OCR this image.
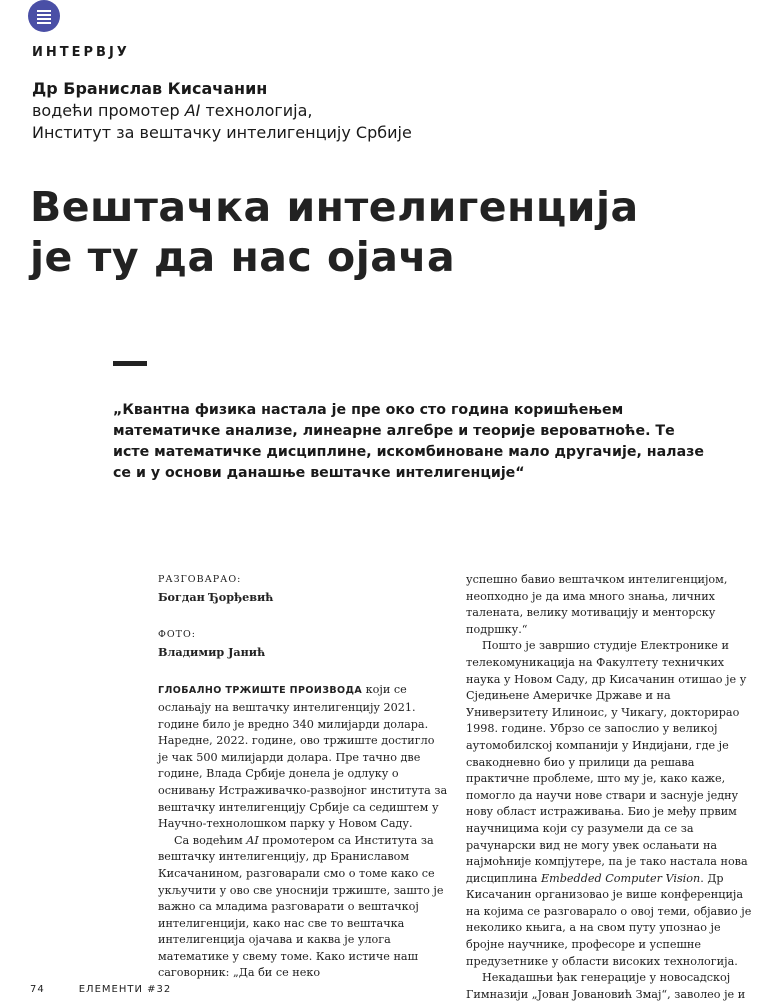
ИНТЕРВЈУ
Др Бранислав Кисачанин
водећи промотер AI технологија,
Институт за вештачку интелигенцију Србије
Вештачка интелигенција
је ту да нас ојача
„Квантна физика настала је пре око сто година коришћењем математичке анализе, линеарне алгебре и теорије вероватноће. Те исте математичке дисциплине, искомбиноване мало другачије, налазе се и у основи данашње вештачке интелигенције“
РАЗГОВАРАО:
Богдан Ђорђевић
ФОТО:
Владимир Јанић

ГЛОБАЛНО ТРЖИШТЕ ПРОИЗВОДА који се ослањају на вештачку интелигенцију 2021. године било је вредно 340 милијарди долара. Наредне, 2022. године, ово тржиште достигло је чак 500 милијарди долара. Пре тачно две године, Влада Србије донела је одлуку о оснивању Истраживачко-развојног института за вештачку интелигенцију Србије са седиштем у Научно-технолошком парку у Новом Саду.

Са водећим AI промотером са Института за вештачку интелигенцију, др Браниславом Кисачанином, разговарали смо о томе како се укључити у ово све уноснији тржиште, зашто је важно са младима разговарати о вештачкој интелигенцији, како нас све то вештачка интелигенција ојачава и каква је улога математике у свему томе. Како истиче наш саговорник: „Да би се неко

успешно бавио вештачком интелигенцијом, неопходно је да има много знања, личних талената, велику мотивацију и менторску подршку.“

Пошто је завршио студије Електронике и телекомуникација на Факултету техничких наука у Новом Саду, др Кисачанин отишао је у Сједињене Америчке Државе и на Универзитету Илинoис, у Чикагу, докторирао 1998. године. Убрзо се запослио у великој аутомобилској компанији у Индијани, где је свакодневно био у прилици да решава практичне проблеме, што му је, како каже, помогло да научи нове ствари и заснује једну нову област истраживања. Био је међу првим научницима који су разумели да се за рачунарски вид не могу увек ослањати на најмоћније компјутере, па је тако настала нова дисциплина Embedded Computer Vision. Др Кисачанин организовао је више конференција на којима се разговарало о овој теми, објавио је неколико књига, а на свом путу упознао је бројне научнике, професоре и успешне предузетнике у области високих технологија.

Некадашњи ђак генерације у новосадској Гимназији „Јован Јовановић Змај“, заволео је и

74	ЕЛЕМЕНТИ #32
